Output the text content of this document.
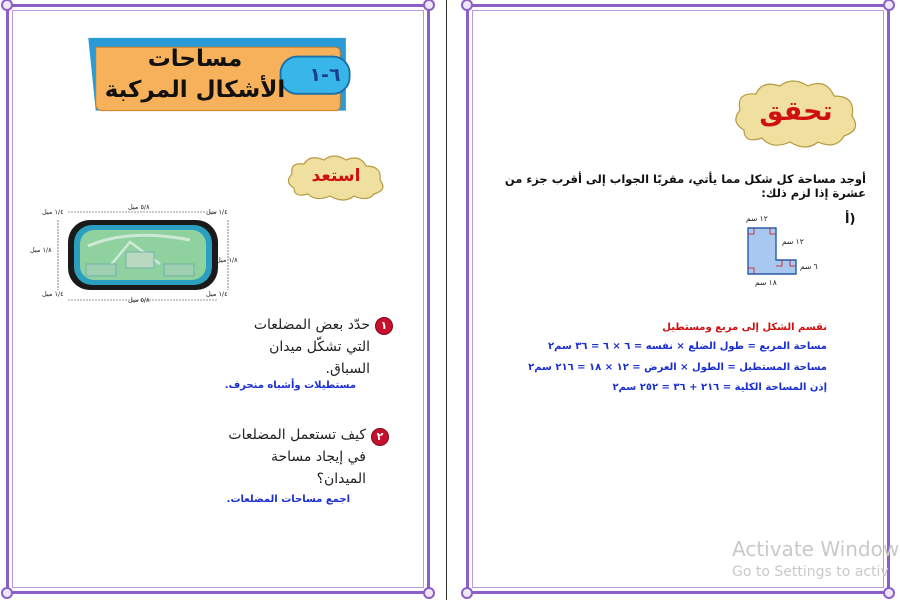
مساحات الأشكال المركبة
٦-١
استعد
١/٤ ميل
٥/٨ ميل
١/٤ ميل
١/٨ ميل
١/٨ ميل
١/٤ ميل
٥/٨ ميل
١/٤ ميل
١
حدّد بعض المضلعات التي تشكّل ميدان السباق.
مستطيلات وأشباه منحرف.
٢
كيف تستعمل المضلعات في إيجاد مساحة الميدان؟
اجمع مساحات المضلعات.
تحقق
أوجد مساحة كل شكل مما يأتي، مقربًا الجواب إلى أقرب جزء من عشرة إذا لزم ذلك:
أ)
١٢ سم
١٢ سم
٦ سم
١٨ سم
نقسم الشكل إلى مربع ومستطيل
مساحة المربع = طول الضلع × نفسه = ٦ × ٦ = ٣٦ سم٢
مساحة المستطيل = الطول × العرض = ١٢ × ١٨ = ٢١٦ سم٢
إذن المساحة الكلية = ٢١٦ + ٣٦ = ٢٥٢ سم٢
Activate Window
Go to Settings to activ
